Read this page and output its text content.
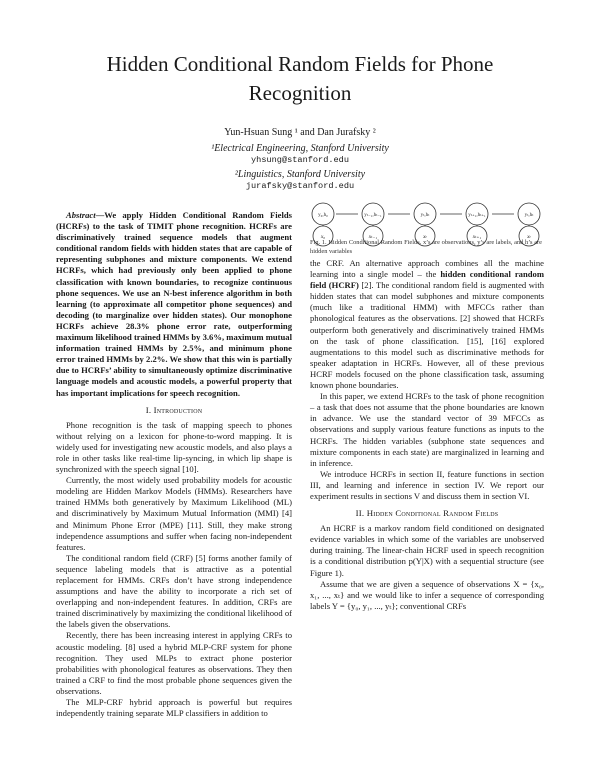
Hidden Conditional Random Fields for Phone
Recognition
Yun-Hsuan Sung ¹ and Dan Jurafsky ²
¹Electrical Engineering, Stanford University
yhsung@stanford.edu
²Linguistics, Stanford University
jurafsky@stanford.edu

Abstract—We apply Hidden Conditional Random Fields (HCRFs) to the task of TIMIT phone recognition. HCRFs are discriminatively trained sequence models that augment conditional random fields with hidden states that are capable of representing subphones and mixture components. We extend HCRFs, which had previously only been applied to phone classification with known boundaries, to recognize continuous phone sequences. We use an N-best inference algorithm in both learning (to approximate all competitor phone sequences) and decoding (to marginalize over hidden states). Our monophone HCRFs achieve 28.3% phone error rate, outperforming maximum likelihood trained HMMs by 3.6%, maximum mutual information trained HMMs by 2.5%, and minimum phone error trained HMMs by 2.2%. We show that this win is partially due to HCRFs’ ability to simultaneously optimize discriminative language models and acoustic models, a powerful property that has important implications for speech recognition.

I. Introduction

Phone recognition is the task of mapping speech to phones without relying on a lexicon for phone-to-word mapping. It is widely used for investigating new acoustic models, and also plays a role in other tasks like real-time lip-syncing, in which lip shape is synchronized with the speech signal [10].

Currently, the most widely used probability models for acoustic modeling are Hidden Markov Models (HMMs). Researchers have trained HMMs both generatively by Maximum Likelihood (ML) and discriminatively by Maximum Mutual Information (MMI) [4] and Minimum Phone Error (MPE) [11]. Still, they make strong independence assumptions and suffer when facing non-independent features.

The conditional random field (CRF) [5] forms another family of sequence labeling models that is attractive as a potential replacement for HMMs. CRFs don’t have strong independence assumptions and have the ability to incorporate a rich set of overlapping and non-independent features. In addition, CRFs are trained discriminatively by maximizing the conditional likelihood of the labels given the observations.

Recently, there has been increasing interest in applying CRFs to acoustic modeling. [8] used a hybrid MLP-CRF system for phone recognition. They used MLPs to extract phone posterior probabilities with phonological features as observations. They then trained a CRF to find the most probable phone sequences given the observations.

The MLP-CRF hybrid approach is powerful but requires independently training separate MLP classifiers in addition to

y₀,h₀	yₜ₋₁,hₜ₋₁	yₜ,hₜ	yₜ₊₁,hₜ₊₁	yₜ,hₜ
x₀	xₜ₋₁	xₜ	xₜ₊₁	xₜ
Fig. 1. Hidden Conditional Random Fields. x’s are observations, y’s are labels, and h’s are hidden variables

the CRF. An alternative approach combines all the machine learning into a single model – the hidden conditional random field (HCRF) [2]. The conditional random field is augmented with hidden states that can model subphones and mixture components (much like a traditional HMM) with MFCCs rather than phonological features as the observations. [2] showed that HCRFs outperform both generatively and discriminatively trained HMMs on the task of phone classification. [15], [16] explored augmentations to this model such as discriminative methods for speaker adaptation in HCRFs. However, all of these previous HCRF models focused on the phone classification task, assuming known phone boundaries.

In this paper, we extend HCRFs to the task of phone recognition – a task that does not assume that the phone boundaries are known in advance. We use the standard vector of 39 MFCCs as observations and supply various feature functions as inputs to the HCRFs. The hidden variables (subphone state sequences and mixture components in each state) are marginalized in learning and in inference.

We introduce HCRFs in section II, feature functions in section III, and learning and inference in section IV. We report our experiment results in sections V and discuss them in section VI.

II. Hidden Conditional Random Fields

An HCRF is a markov random field conditioned on designated evidence variables in which some of the variables are unobserved during training. The linear-chain HCRF used in speech recognition is a conditional distribution p(Y|X) with a sequential structure (see Figure 1).

Assume that we are given a sequence of observations X = {x₀, x₁, ..., xₜ} and we would like to infer a sequence of corresponding labels Y = {y₀, y₁, ..., yₜ}; conventional CRFs
